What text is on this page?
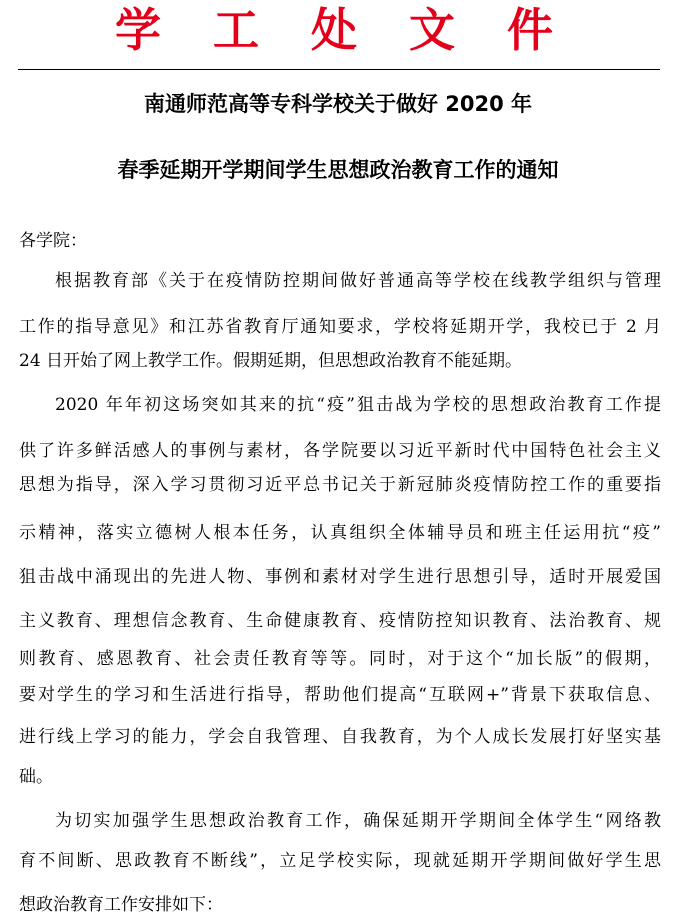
学 工 处 文 件
南通师范高等专科学校关于做好 2020 年
春季延期开学期间学生思想政治教育工作的通知
各学院：
根据教育部《关于在疫情防控期间做好普通高等学校在线教学组织与管理
工作的指导意见》和江苏省教育厅通知要求，学校将延期开学，我校已于 2 月
24 日开始了网上教学工作。假期延期，但思想政治教育不能延期。
2020 年年初这场突如其来的抗“疫”狙击战为学校的思想政治教育工作提
供了许多鲜活感人的事例与素材，各学院要以习近平新时代中国特色社会主义
思想为指导，深入学习贯彻习近平总书记关于新冠肺炎疫情防控工作的重要指
示精神，落实立德树人根本任务，认真组织全体辅导员和班主任运用抗“疫”
狙击战中涌现出的先进人物、事例和素材对学生进行思想引导，适时开展爱国
主义教育、理想信念教育、生命健康教育、疫情防控知识教育、法治教育、规
则教育、感恩教育、社会责任教育等等。同时，对于这个“加长版”的假期，
要对学生的学习和生活进行指导，帮助他们提高“互联网+”背景下获取信息、
进行线上学习的能力，学会自我管理、自我教育，为个人成长发展打好坚实基
础。
为切实加强学生思想政治教育工作，确保延期开学期间全体学生“网络教
育不间断、思政教育不断线”，立足学校实际，现就延期开学期间做好学生思
想政治教育工作安排如下：
